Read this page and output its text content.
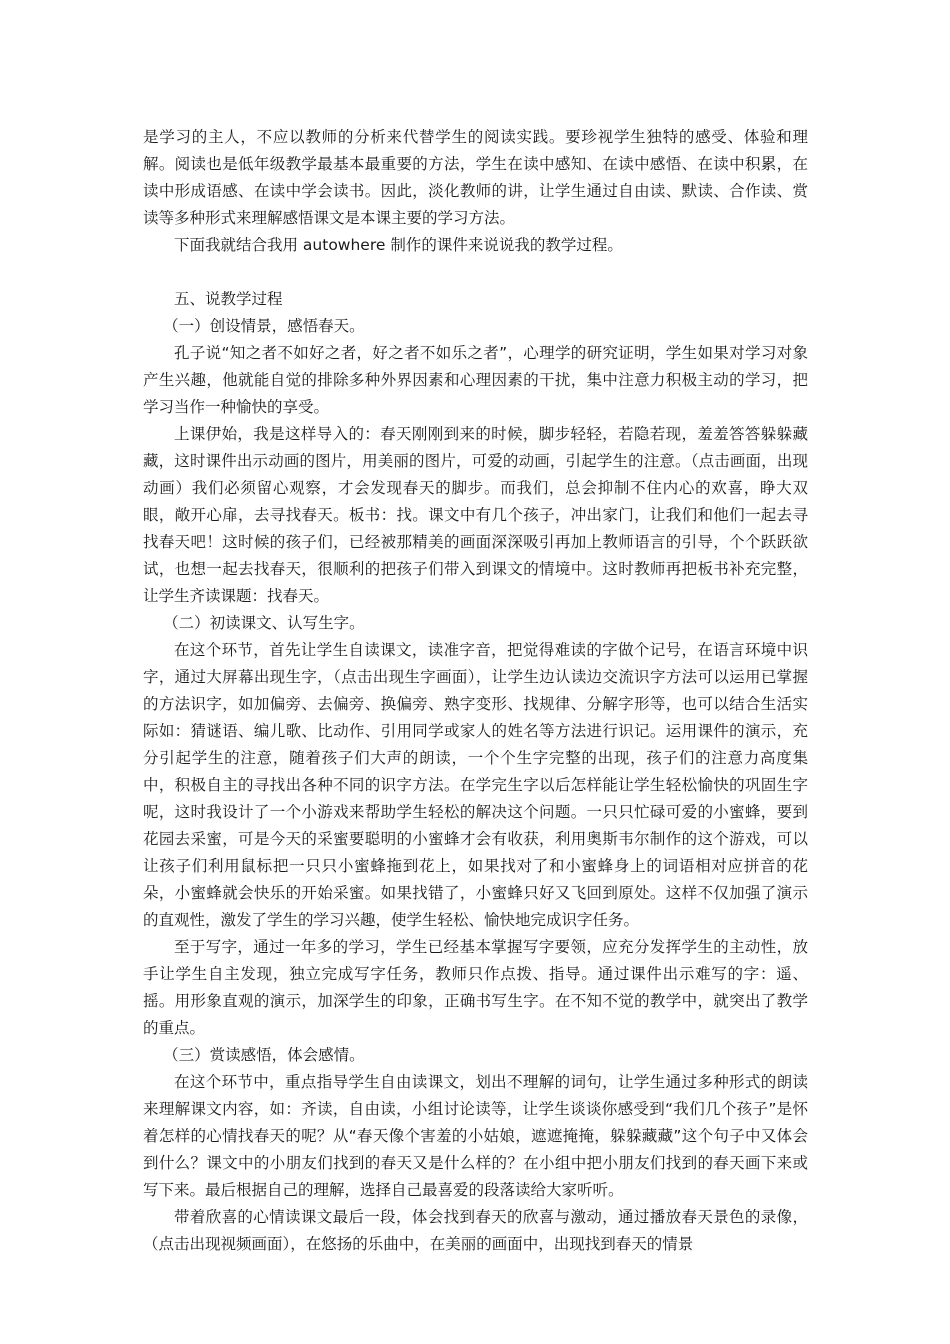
是学习的主人，不应以教师的分析来代替学生的阅读实践。要珍视学生独特的感受、体验和理解。阅读也是低年级教学最基本最重要的方法，学生在读中感知、在读中感悟、在读中积累，在读中形成语感、在读中学会读书。因此，淡化教师的讲，让学生通过自由读、默读、合作读、赏读等多种形式来理解感悟课文是本课主要的学习方法。

下面我就结合我用 autowhere 制作的课件来说说我的教学过程。

五、说教学过程

（一）创设情景，感悟春天。

孔子说“知之者不如好之者，好之者不如乐之者”，心理学的研究证明，学生如果对学习对象产生兴趣，他就能自觉的排除多种外界因素和心理因素的干扰，集中注意力积极主动的学习，把学习当作一种愉快的享受。

上课伊始，我是这样导入的：春天刚刚到来的时候，脚步轻轻，若隐若现，羞羞答答躲躲藏藏，这时课件出示动画的图片，用美丽的图片，可爱的动画，引起学生的注意。（点击画面，出现动画）我们必须留心观察，才会发现春天的脚步。而我们，总会抑制不住内心的欢喜，睁大双眼，敞开心扉，去寻找春天。板书：找。课文中有几个孩子，冲出家门，让我们和他们一起去寻找春天吧！这时候的孩子们，已经被那精美的画面深深吸引再加上教师语言的引导，个个跃跃欲试，也想一起去找春天，很顺利的把孩子们带入到课文的情境中。这时教师再把板书补充完整，让学生齐读课题：找春天。

（二）初读课文、认写生字。

在这个环节，首先让学生自读课文，读准字音，把觉得难读的字做个记号，在语言环境中识字，通过大屏幕出现生字，（点击出现生字画面），让学生边认读边交流识字方法可以运用已掌握的方法识字，如加偏旁、去偏旁、换偏旁、熟字变形、找规律、分解字形等，也可以结合生活实际如：猜谜语、编儿歌、比动作、引用同学或家人的姓名等方法进行识记。运用课件的演示，充分引起学生的注意，随着孩子们大声的朗读，一个个生字完整的出现，孩子们的注意力高度集中，积极自主的寻找出各种不同的识字方法。在学完生字以后怎样能让学生轻松愉快的巩固生字呢，这时我设计了一个小游戏来帮助学生轻松的解决这个问题。一只只忙碌可爱的小蜜蜂，要到花园去采蜜，可是今天的采蜜要聪明的小蜜蜂才会有收获，利用奥斯韦尔制作的这个游戏，可以让孩子们利用鼠标把一只只小蜜蜂拖到花上，如果找对了和小蜜蜂身上的词语相对应拼音的花朵，小蜜蜂就会快乐的开始采蜜。如果找错了，小蜜蜂只好又飞回到原处。这样不仅加强了演示的直观性，激发了学生的学习兴趣，使学生轻松、愉快地完成识字任务。

至于写字，通过一年多的学习，学生已经基本掌握写字要领，应充分发挥学生的主动性，放手让学生自主发现，独立完成写字任务，教师只作点拨、指导。通过课件出示难写的字：遥、摇。用形象直观的演示，加深学生的印象，正确书写生字。在不知不觉的教学中，就突出了教学的重点。

（三）赏读感悟，体会感情。

在这个环节中，重点指导学生自由读课文，划出不理解的词句，让学生通过多种形式的朗读来理解课文内容，如：齐读，自由读，小组讨论读等，让学生谈谈你感受到“我们几个孩子”是怀着怎样的心情找春天的呢？从“春天像个害羞的小姑娘，遮遮掩掩，躲躲藏藏”这个句子中又体会到什么？课文中的小朋友们找到的春天又是什么样的？在小组中把小朋友们找到的春天画下来或写下来。最后根据自己的理解，选择自己最喜爱的段落读给大家听听。

带着欣喜的心情读课文最后一段，体会找到春天的欣喜与激动，通过播放春天景色的录像，（点击出现视频画面），在悠扬的乐曲中，在美丽的画面中，出现找到春天的情景
